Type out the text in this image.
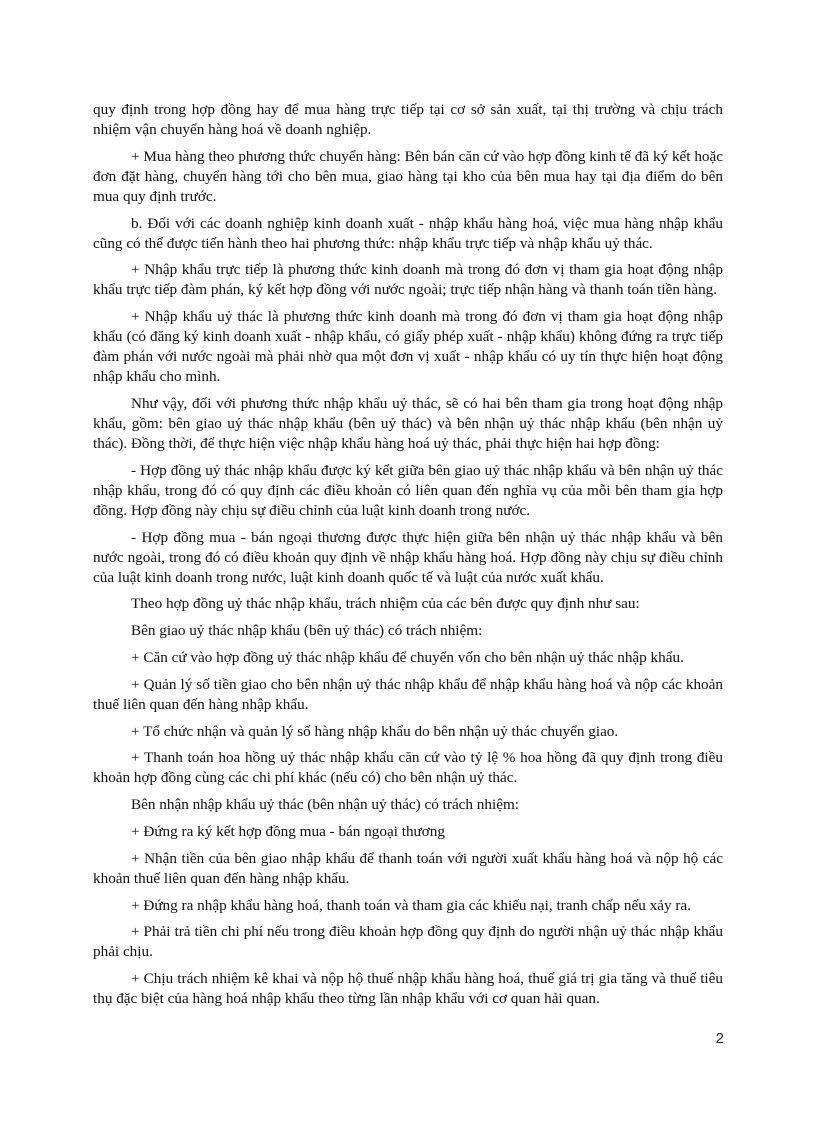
quy định trong hợp đồng hay để mua hàng trực tiếp tại cơ sở sản xuất, tại thị trường và chịu trách nhiệm vận chuyển hàng hoá về doanh nghiệp.

+ Mua hàng theo phương thức chuyển hàng: Bên bán căn cứ vào hợp đồng kinh tế đã ký kết hoặc đơn đặt hàng, chuyển hàng tới cho bên mua, giao hàng tại kho của bên mua hay tại địa điểm do bên mua quy định trước.

b. Đối với các doanh nghiệp kinh doanh xuất - nhập khẩu hàng hoá, việc mua hàng nhập khẩu cũng có thể được tiến hành theo hai phương thức: nhập khẩu trực tiếp và nhập khẩu uỷ thác.

+ Nhập khẩu trực tiếp là phương thức kinh doanh mà trong đó đơn vị tham gia hoạt động nhập khẩu trực tiếp đàm phán, ký kết hợp đồng với nước ngoài; trực tiếp nhận hàng và thanh toán tiền hàng.

+ Nhập khẩu uỷ thác là phương thức kinh doanh mà trong đó đơn vị tham gia hoạt động nhập khẩu (có đăng ký kinh doanh xuất - nhập khẩu, có giấy phép xuất - nhập khẩu) không đứng ra trực tiếp đàm phán với nước ngoài mà phải nhờ qua một đơn vị xuất - nhập khẩu có uy tín thực hiện hoạt động nhập khẩu cho mình.

Như vậy, đối với phương thức nhập khẩu uỷ thác, sẽ có hai bên tham gia trong hoạt động nhập khẩu, gồm: bên giao uỷ thác nhập khẩu (bên uỷ thác) và bên nhận uỷ thác nhập khẩu (bên nhận uỷ thác). Đồng thời, để thực hiện việc nhập khẩu hàng hoá uỷ thác, phải thực hiện hai hợp đồng:

- Hợp đồng uỷ thác nhập khẩu được ký kết giữa bên giao uỷ thác nhập khẩu và bên nhận uỷ thác nhập khẩu, trong đó có quy định các điều khoản có liên quan đến nghĩa vụ của mỗi bên tham gia hợp đồng. Hợp đồng này chịu sự điều chỉnh của luật kinh doanh trong nước.

- Hợp đồng mua - bán ngoại thương được thực hiện giữa bên nhận uỷ thác nhập khẩu và bên nước ngoài, trong đó có điều khoản quy định về nhập khẩu hàng hoá. Hợp đồng này chịu sự điều chỉnh của luật kinh doanh trong nước, luật kinh doanh quốc tế và luật của nước xuất khẩu.

Theo hợp đồng uỷ thác nhập khẩu, trách nhiệm của các bên được quy định như sau:

Bên giao uỷ thác nhập khẩu (bên uỷ thác) có trách nhiệm:

+ Căn cứ vào hợp đồng uỷ thác nhập khẩu để chuyển vốn cho bên nhận uỷ thác nhập khẩu.

+ Quản lý số tiền giao cho bên nhận uỷ thác nhập khẩu để nhập khẩu hàng hoá và nộp các khoản thuế liên quan đến hàng nhập khẩu.

+ Tổ chức nhận và quản lý số hàng nhập khẩu do bên nhận uỷ thác chuyển giao.

+ Thanh toán hoa hồng uỷ thác nhập khẩu căn cứ vào tỷ lệ % hoa hồng đã quy định trong điều khoản hợp đồng cùng các chi phí khác (nếu có) cho bên nhận uỷ thác.

Bên nhận nhập khẩu uỷ thác (bên nhận uỷ thác) có trách nhiệm:

+ Đứng ra ký kết hợp đồng mua - bán ngoại thương

+ Nhận tiền của bên giao nhập khẩu để thanh toán với người xuất khẩu hàng hoá và nộp hộ các khoản thuế liên quan đến hàng nhập khẩu.

+ Đứng ra nhập khẩu hàng hoá, thanh toán và tham gia các khiếu nại, tranh chấp nếu xảy ra.

+ Phải trả tiền chi phí nếu trong điều khoản hợp đồng quy định do người nhận uỷ thác nhập khẩu phải chịu.

+ Chịu trách nhiệm kê khai và nộp hộ thuế nhập khẩu hàng hoá, thuế giá trị gia tăng và thuế tiêu thụ đặc biệt của hàng hoá nhập khẩu theo từng lần nhập khẩu với cơ quan hải quan.

2
